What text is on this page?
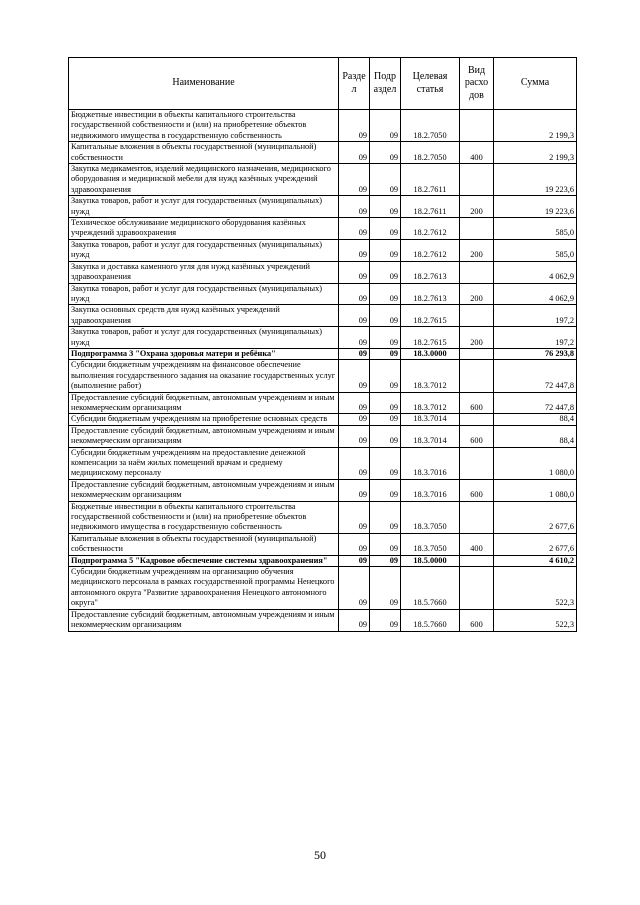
Наименование	Разде л	Подр аздел	Целевая статья	Вид расхо дов	Сумма
Бюджетные инвестиции в объекты капитального строительства государственной собственности и (или) на приобретение объектов недвижимого имущества в государственную собственность	09	09	18.2.7050		2 199,3
Капитальные вложения в объекты государственной (муниципальной) собственности	09	09	18.2.7050	400	2 199,3
Закупка медикаментов, изделий медицинского назначения, медицинского оборудования и медицинской мебели для нужд казённых учреждений здравоохранения	09	09	18.2.7611		19 223,6
Закупка товаров, работ и услуг для государственных (муниципальных) нужд	09	09	18.2.7611	200	19 223,6
Техническое обслуживание медицинского оборудования казённых учреждений здравоохранения	09	09	18.2.7612		585,0
Закупка товаров, работ и услуг для государственных (муниципальных) нужд	09	09	18.2.7612	200	585,0
Закупка и доставка каменного угля для нужд казённых учреждений здравоохранения	09	09	18.2.7613		4 062,9
Закупка товаров, работ и услуг для государственных (муниципальных) нужд	09	09	18.2.7613	200	4 062,9
Закупка основных средств для нужд казённых учреждений здравоохранения	09	09	18.2.7615		197,2
Закупка товаров, работ и услуг для государственных (муниципальных) нужд	09	09	18.2.7615	200	197,2
Подпрограмма 3 "Охрана здоровья матери и ребёнка"	09	09	18.3.0000		76 293,8
Субсидии бюджетным учреждениям на финансовое обеспечение выполнения государственного задания на оказание государственных услуг (выполнение работ)	09	09	18.3.7012		72 447,8
Предоставление субсидий бюджетным, автономным учреждениям и иным некоммерческим организациям	09	09	18.3.7012	600	72 447,8
Субсидии бюджетным учреждениям на приобретение основных средств	09	09	18.3.7014		88,4
Предоставление субсидий бюджетным, автономным учреждениям и иным некоммерческим организациям	09	09	18.3.7014	600	88,4
Субсидии бюджетным учреждениям на предоставление денежной компенсации за наём жилых помещений врачам и среднему медицинскому персоналу	09	09	18.3.7016		1 080,0
Предоставление субсидий бюджетным, автономным учреждениям и иным некоммерческим организациям	09	09	18.3.7016	600	1 080,0
Бюджетные инвестиции в объекты капитального строительства государственной собственности и (или) на приобретение объектов недвижимого имущества в государственную собственность	09	09	18.3.7050		2 677,6
Капитальные вложения в объекты государственной (муниципальной) собственности	09	09	18.3.7050	400	2 677,6
Подпрограмма 5 "Кадровое обеспечение системы здравоохранения"	09	09	18.5.0000		4 610,2
Субсидии бюджетным учреждениям на организацию обучения медицинского персонала в рамках государственной программы Ненецкого автономного округа "Развитие здравоохранения Ненецкого автономного округа"	09	09	18.5.7660		522,3
Предоставление субсидий бюджетным, автономным учреждениям и иным некоммерческим организациям	09	09	18.5.7660	600	522,3
50
